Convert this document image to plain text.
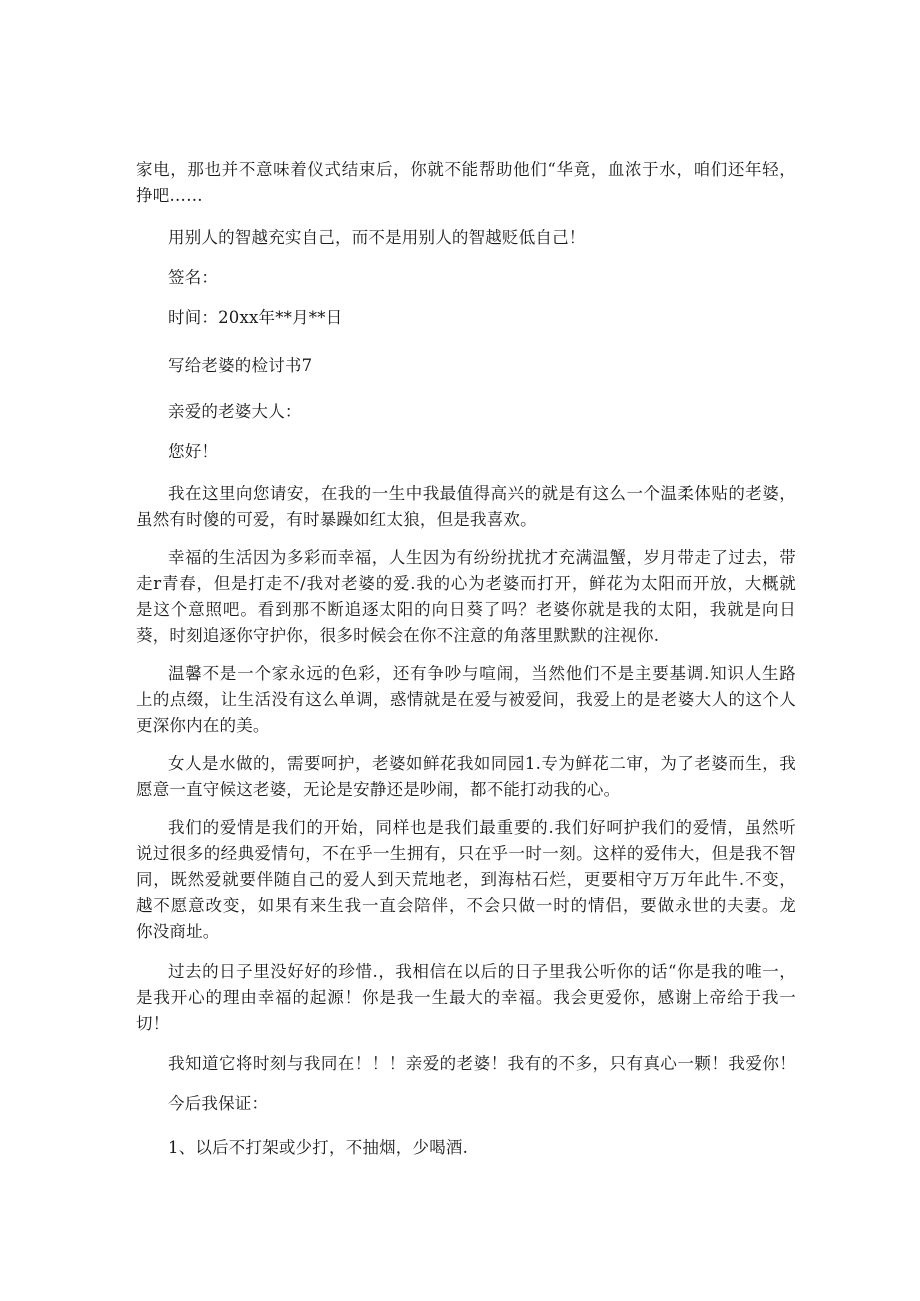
家电，那也并不意味着仪式结束后，你就不能帮助他们“华竟，血浓于水，咱们还年轻，
挣吧……
用别人的智越充实自己，而不是用别人的智越贬低自己！
签名：
时间：20xx年**月**日
写给老婆的检讨书7
亲爱的老婆大人：
您好！
我在这里向您请安，在我的一生中我最值得高兴的就是有这么一个温柔体贴的老婆，
虽然有时傻的可爱，有时暴躁如红太狼，但是我喜欢。
幸福的生活因为多彩而幸福，人生因为有纷纷扰扰才充满温蟹，岁月带走了过去，带
走r青春，但是打走不/我对老婆的爱.我的心为老婆而打开，鲜花为太阳而开放，大概就
是这个意照吧。看到那不断追逐太阳的向日葵了吗？老婆你就是我的太阳，我就是向日
葵，时刻追逐你守护你，很多时候会在你不注意的角落里默默的注视你.
温馨不是一个家永远的色彩，还有争吵与喧闹，当然他们不是主要基调.知识人生路
上的点缀，让生活没有这么单调，惑情就是在爱与被爱间，我爱上的是老婆大人的这个人
更深你内在的美。
女人是水做的，需要呵护，老婆如鲜花我如同园1.专为鲜花二审，为了老婆而生，我
愿意一直守候这老婆，无论是安静还是吵闹，都不能打动我的心。
我们的爱情是我们的开始，同样也是我们最重要的.我们好呵护我们的爱情，虽然听
说过很多的经典爱情句，不在乎一生拥有，只在乎一时一刻。这样的爱伟大，但是我不智
同，既然爱就要伴随自己的爱人到天荒地老，到海枯石烂，更要相守万万年此牛.不变，
越不愿意改变，如果有来生我一直会陪伴，不会只做一时的情侣，要做永世的夫妻。龙
你没商址。
过去的日子里没好好的珍惜.，我相信在以后的日子里我公听你的话“你是我的唯一，
是我开心的理由幸福的起源！你是我一生最大的幸福。我会更爱你，感谢上帝给于我一
切！
我知道它将时刻与我同在！！！亲爱的老婆！我有的不多，只有真心一颗！我爱你！
今后我保证：
1、以后不打架或少打，不抽烟，少喝酒.
